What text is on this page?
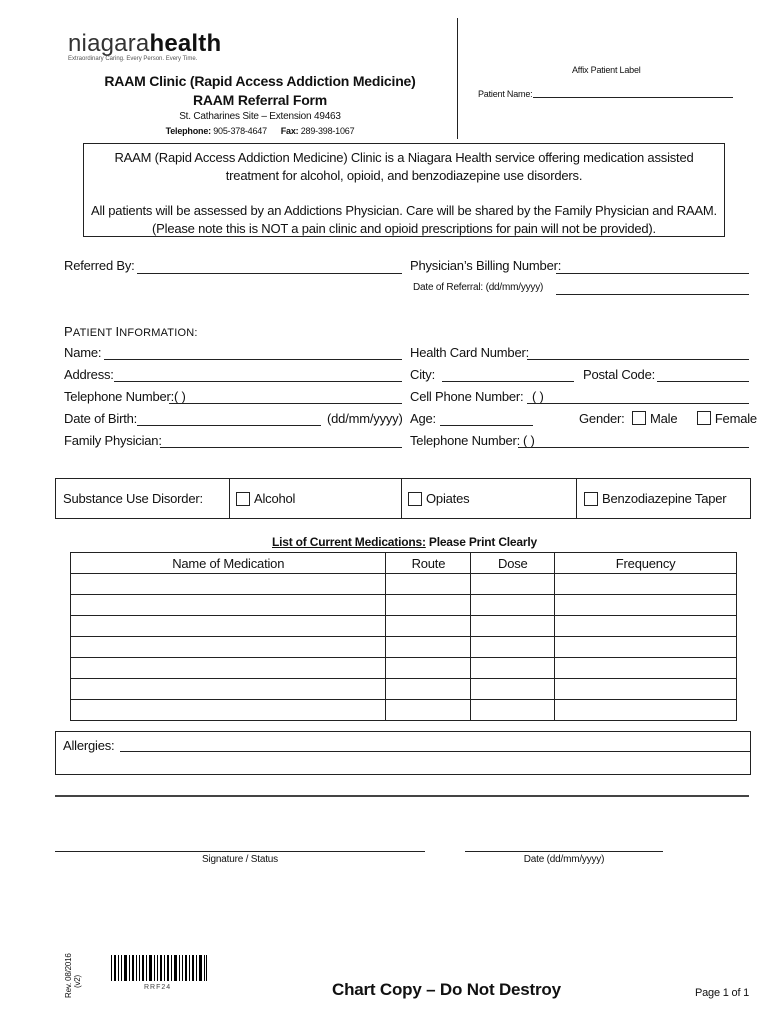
niagarahealth
Extraordinary Caring. Every Person. Every Time.
RAAM Clinic (Rapid Access Addiction Medicine)
RAAM Referral Form
St. Catharines Site – Extension 49463
Telephone: 905-378-4647 Fax: 289-398-1067
Affix Patient Label
Patient Name:
RAAM (Rapid Access Addiction Medicine) Clinic is a Niagara Health service offering medication assisted
treatment for alcohol, opioid, and benzodiazepine use disorders.
All patients will be assessed by an Addictions Physician. Care will be shared by the Family Physician and RAAM.
(Please note this is NOT a pain clinic and opioid prescriptions for pain will not be provided).
Referred By:	Physician’s Billing Number:
Date of Referral: (dd/mm/yyyy)
PATIENT INFORMATION:
Name:	Health Card Number:
Address:	City:	Postal Code:
Telephone Number: ( )	Cell Phone Number: ( )
Date of Birth:	(dd/mm/yyyy) Age:	Gender: Male	Female
Family Physician:	Telephone Number: ( )
Substance Use Disorder:	Alcohol	Opiates	Benzodiazepine Taper
List of Current Medications: Please Print Clearly
Name of Medication	Route	Dose	Frequency

Allergies:
Signature / Status	Date (dd/mm/yyyy)
Rev. 08/2016 (v2)	RRF24	Chart Copy – Do Not Destroy	Page 1 of 1
